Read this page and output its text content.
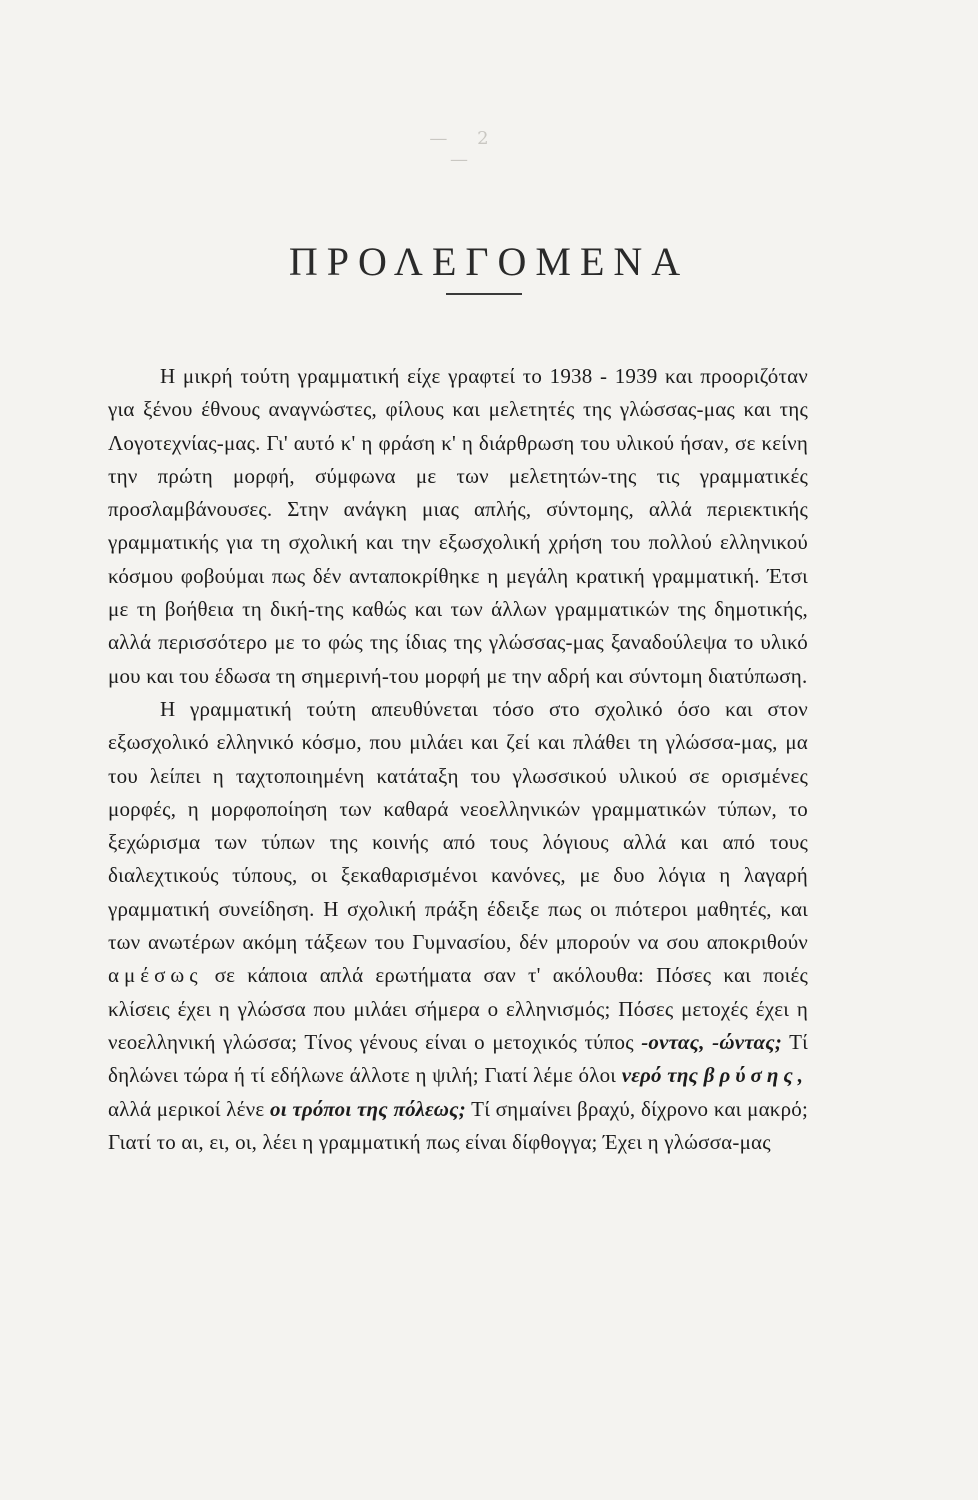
— 2 —
ΠΡΟΛΕΓΟΜΕΝΑ

Η μικρή τούτη γραμματική είχε γραφτεί το 1938 - 1939 και προοριζόταν για ξένου έθνους αναγνώστες, φίλους και μελετητές της γλώσσας-μας και της Λογοτεχνίας-μας. Γι' αυτό κ' η φράση κ' η διάρθρωση του υλικού ήσαν, σε κείνη την πρώτη μορφή, σύμφωνα με των μελετητών-της τις γραμματικές προσλαμβάνουσες. Στην ανάγκη μιας απλής, σύντομης, αλλά περιεκτικής γραμματικής για τη σχολική και την εξωσχολική χρήση του πολλού ελληνικού κόσμου φοβούμαι πως δέν ανταποκρίθηκε η μεγάλη κρατική γραμματική. Έτσι με τη βοήθεια τη δική-της καθώς και των άλλων γραμματικών της δημοτικής, αλλά περισσότερο με το φώς της ίδιας της γλώσσας-μας ξαναδούλεψα το υλικό μου και του έδωσα τη σημερινή-του μορφή με την αδρή και σύντομη διατύπωση.

Η γραμματική τούτη απευθύνεται τόσο στο σχολικό όσο και στον εξωσχολικό ελληνικό κόσμο, που μιλάει και ζεί και πλάθει τη γλώσσα-μας, μα του λείπει η ταχτοποιημένη κατάταξη του γλωσσικού υλικού σε ορισμένες μορφές, η μορφοποίηση των καθαρά νεοελληνικών γραμματικών τύπων, το ξεχώρισμα των τύπων της κοινής από τους λόγιους αλλά και από τους διαλεχτικούς τύπους, οι ξεκαθαρισμένοι κανόνες, με δυο λόγια η λαγαρή γραμματική συνείδηση. Η σχολική πράξη έδειξε πως οι πιότεροι μαθητές, και των ανωτέρων ακόμη τάξεων του Γυμνασίου, δέν μπορούν να σου αποκριθούν αμέσως σε κάποια απλά ερωτήματα σαν τ' ακόλουθα: Πόσες και ποιές κλίσεις έχει η γλώσσα που μιλάει σήμερα ο ελληνισμός; Πόσες μετοχές έχει η νεοελληνική γλώσσα; Τίνος γένους είναι ο μετοχικός τύπος -οντας, -ώντας; Τί δηλώνει τώρα ή τί εδήλωνε άλλοτε η ψιλή; Γιατί λέμε όλοι νερό της βρύσης, αλλά μερικοί λένε οι τρόποι της πόλεως; Τί σημαίνει βραχύ, δίχρονο και μακρό; Γιατί το αι, ει, οι, λέει η γραμματική πως είναι δίφθογγα; Έχει η γλώσσα-μας
